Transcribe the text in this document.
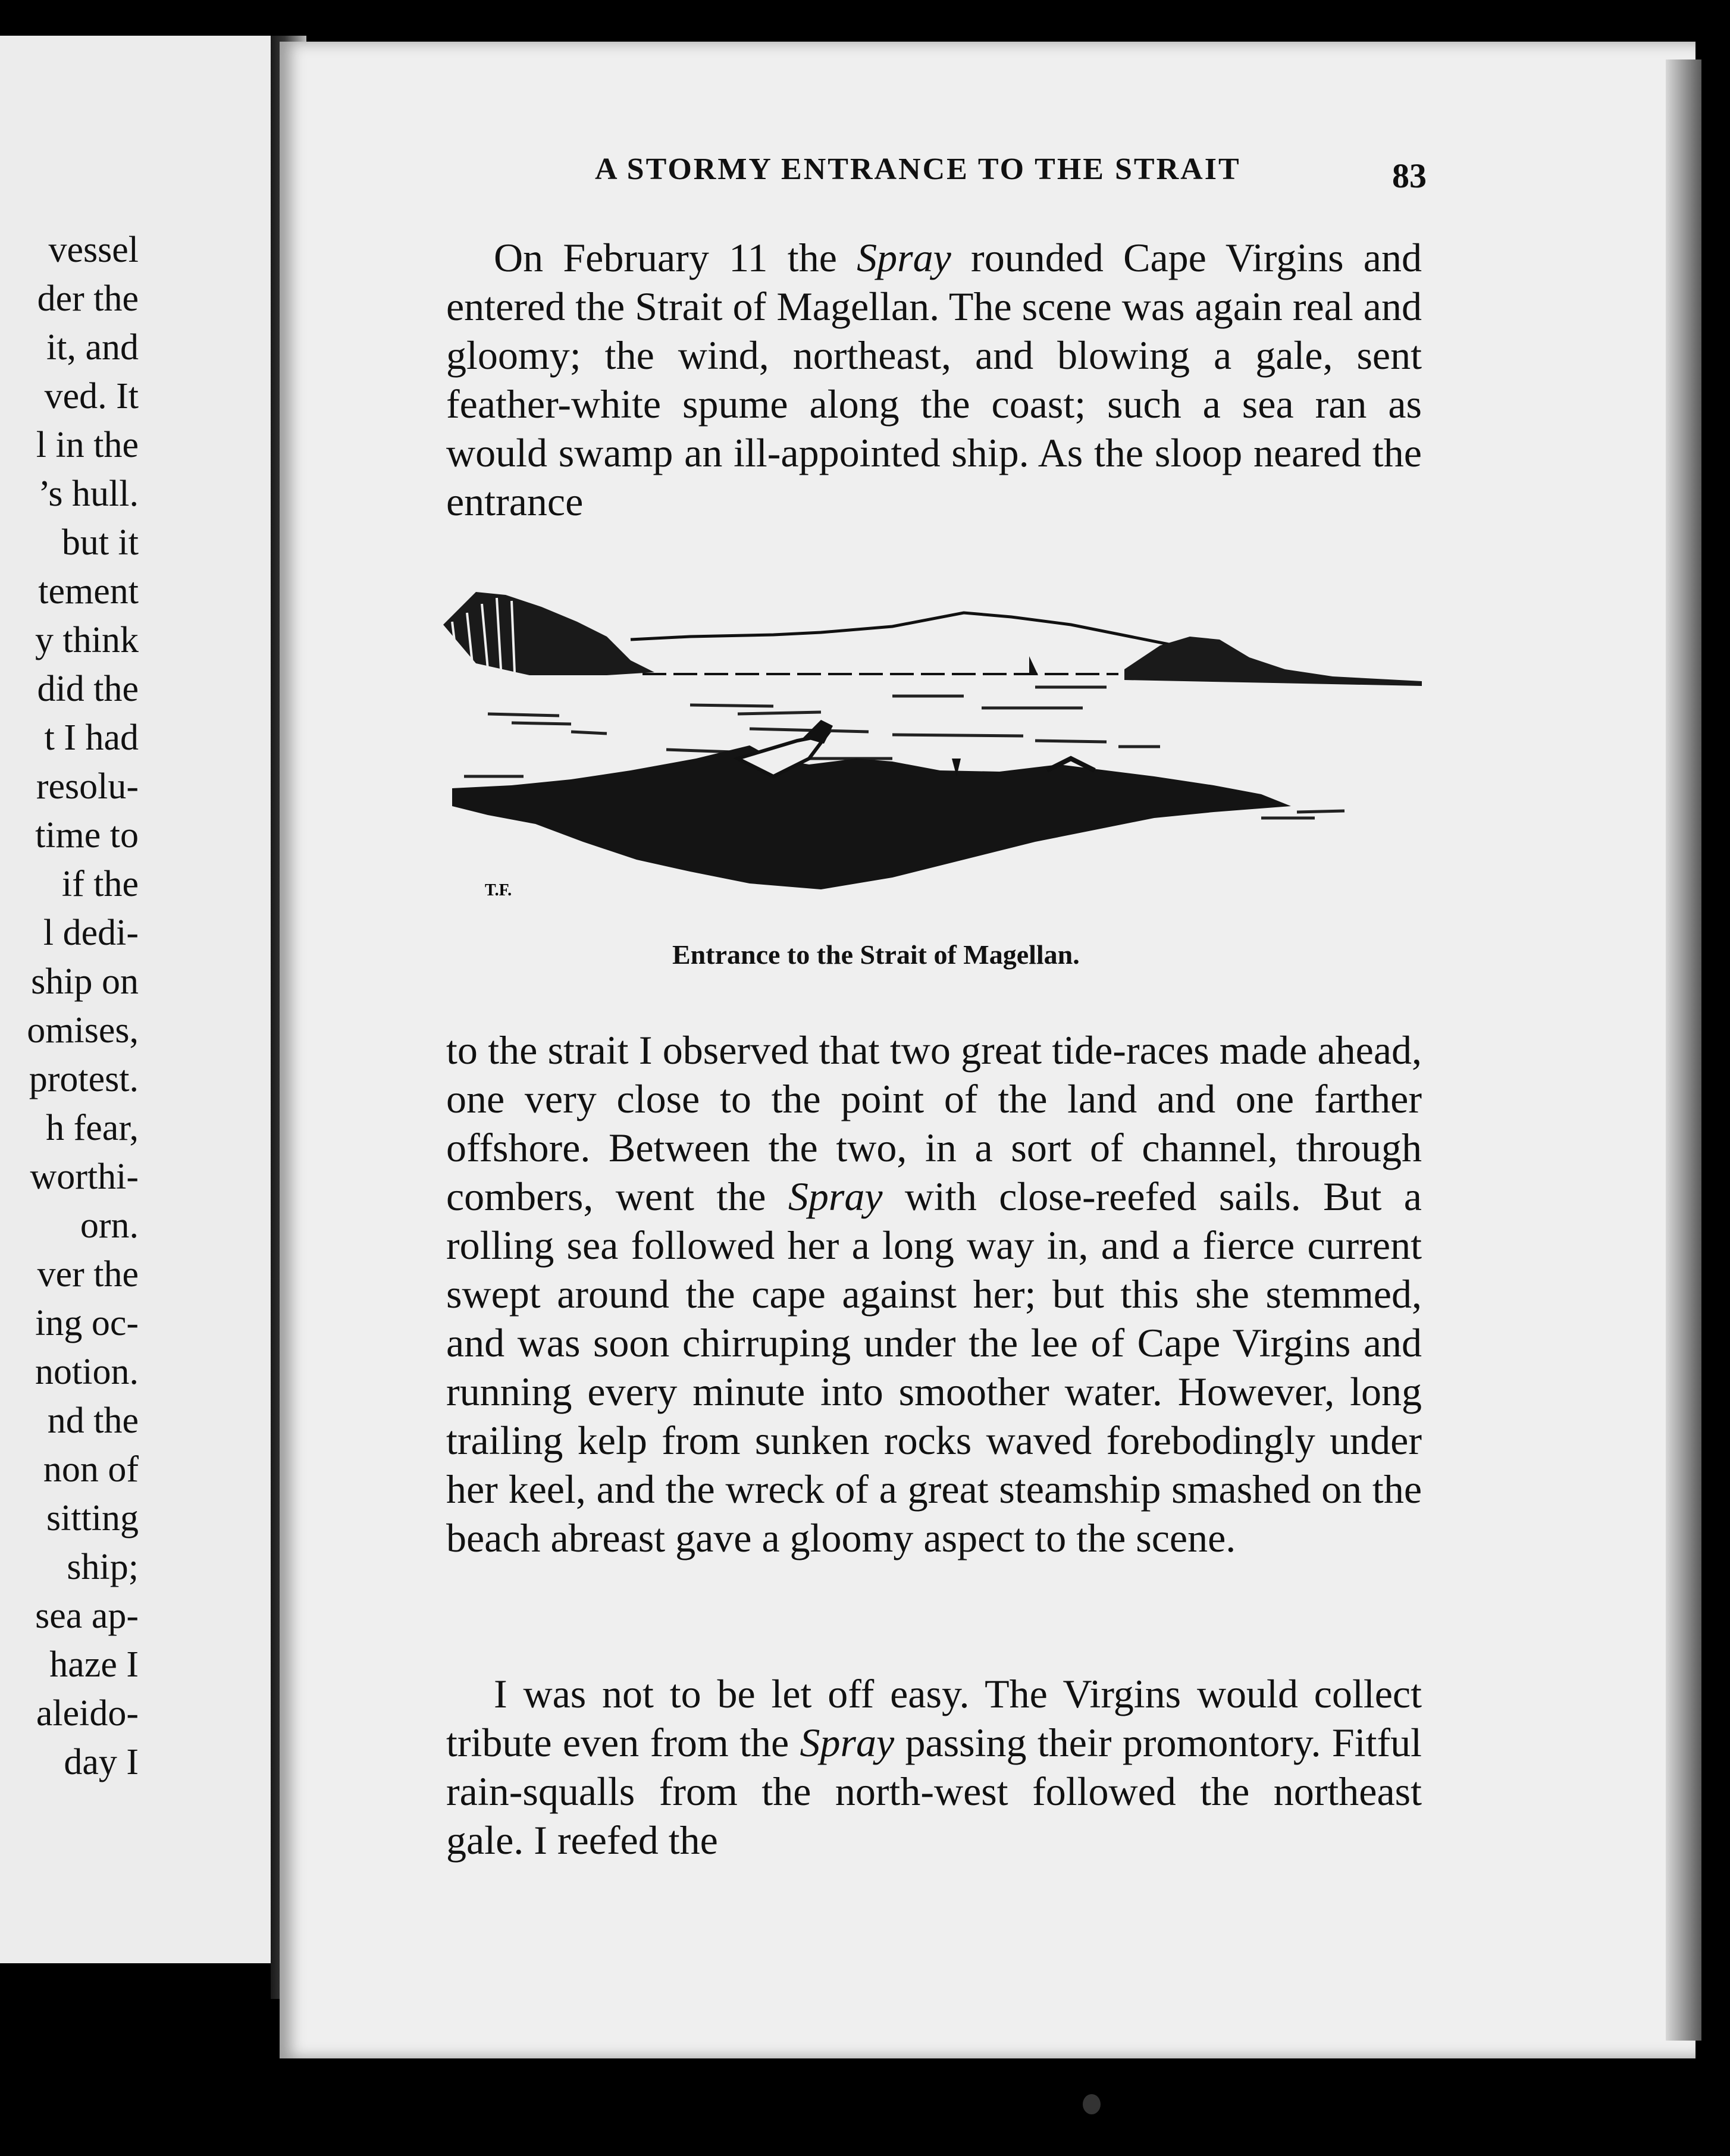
vessel
der the
it, and
ved. It
l in the
’s hull.
but it
tement
y think
did the
t I had
resolu-
time to
if the
l dedi-
ship on
omises,
protest.
h fear,
worthi-
orn.
ver the
ing oc-
notion.
nd the
non of
sitting
ship;
sea ap-
haze I
aleido-
day I
A STORMY ENTRANCE TO THE STRAIT	83

On February 11 the Spray rounded Cape Virgins and entered the Strait of Magellan. The scene was again real and gloomy; the wind, northeast, and blowing a gale, sent feather-white spume along the coast; such a sea ran as would swamp an ill-appointed ship. As the sloop neared the entrance

T.F.
Entrance to the Strait of Magellan.

to the strait I observed that two great tide-races made ahead, one very close to the point of the land and one farther offshore. Between the two, in a sort of channel, through combers, went the Spray with close-reefed sails. But a rolling sea followed her a long way in, and a fierce current swept around the cape against her; but this she stemmed, and was soon chirruping under the lee of Cape Virgins and running every minute into smoother water. However, long trailing kelp from sunken rocks waved forebodingly under her keel, and the wreck of a great steamship smashed on the beach abreast gave a gloomy aspect to the scene.

I was not to be let off easy. The Virgins would collect tribute even from the Spray passing their promontory. Fitful rain-squalls from the north-west followed the northeast gale. I reefed the
